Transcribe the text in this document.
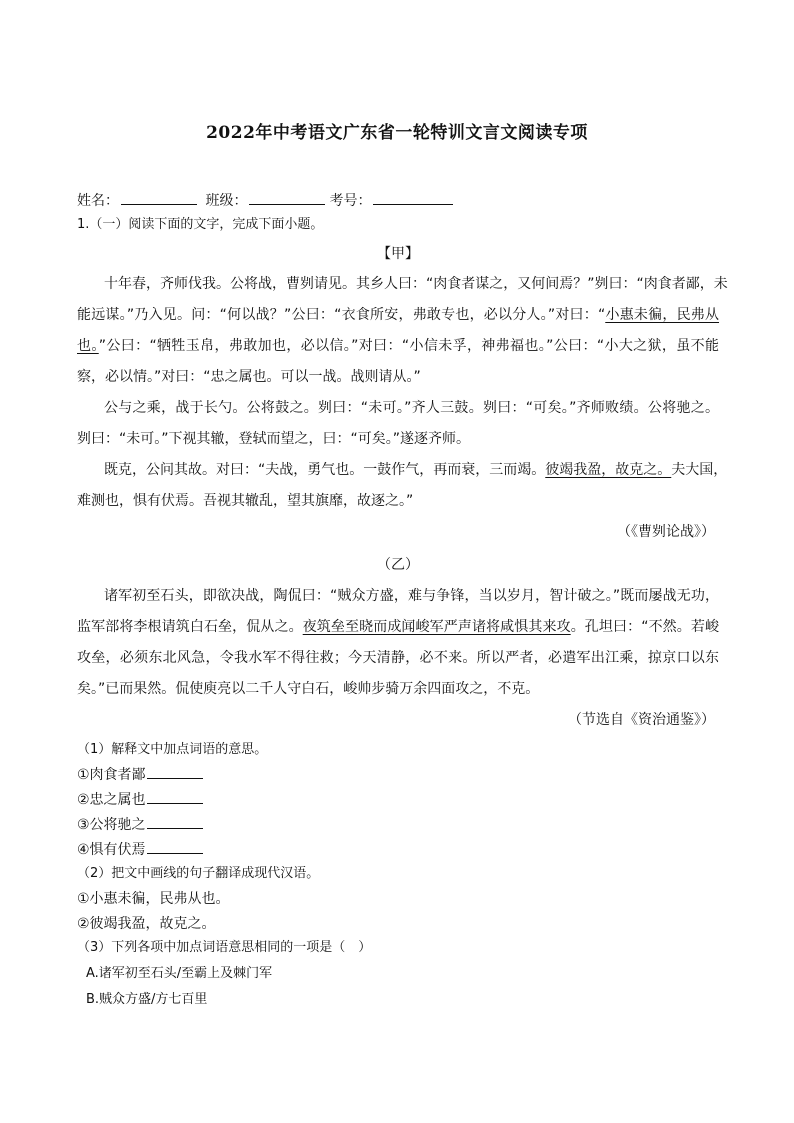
2022年中考语文广东省一轮特训文言文阅读专项
姓名：	班级：	考号：
1.（一）阅读下面的文字，完成下面小题。
【甲】
十年春，齐师伐我。公将战，曹刿请见。其乡人曰：“肉食者谋之，又何间焉？”刿曰：“肉食者鄙，未
能远谋。”乃入见。问：“何以战？”公曰：“衣食所安，弗敢专也，必以分人。”对曰：“小惠未徧，民弗从
也。”公曰：“牺牲玉帛，弗敢加也，必以信。”对曰：“小信未孚，神弗福也。”公曰：“小大之狱，虽不能
察，必以情。”对曰：“忠之属也。可以一战。战则请从。”
公与之乘，战于长勺。公将鼓之。刿曰：“未可。”齐人三鼓。刿曰：“可矣。”齐师败绩。公将驰之。
刿曰：“未可。”下视其辙，登轼而望之，曰：“可矣。”遂逐齐师。
既克，公问其故。对曰：“夫战，勇气也。一鼓作气，再而衰，三而竭。彼竭我盈，故克之。夫大国，
难测也，惧有伏焉。吾视其辙乱，望其旗靡，故逐之。”
（《曹刿论战》）
（乙）
诸军初至石头，即欲决战，陶侃曰：“贼众方盛，难与争锋，当以岁月，智计破之。”既而屡战无功，
监军部将李根请筑白石垒，侃从之。夜筑垒至晓而成闻峻军严声诸将咸惧其来攻。孔坦曰：“不然。若峻
攻垒，必须东北风急，令我水军不得往救；今天清静，必不来。所以严者，必遣军出江乘，掠京口以东
矣。”已而果然。侃使庾亮以二千人守白石，峻帅步骑万余四面攻之，不克。
（节选自《资治通鉴》）
（1）解释文中加点词语的意思。
①肉食者鄙
②忠之属也
③公将驰之
④惧有伏焉
（2）把文中画线的句子翻译成现代汉语。
①小惠未徧，民弗从也。
②彼竭我盈，故克之。
（3）下列各项中加点词语意思相同的一项是（　）
A.诸军初至石头/至霸上及棘门军
B.贼众方盛/方七百里
